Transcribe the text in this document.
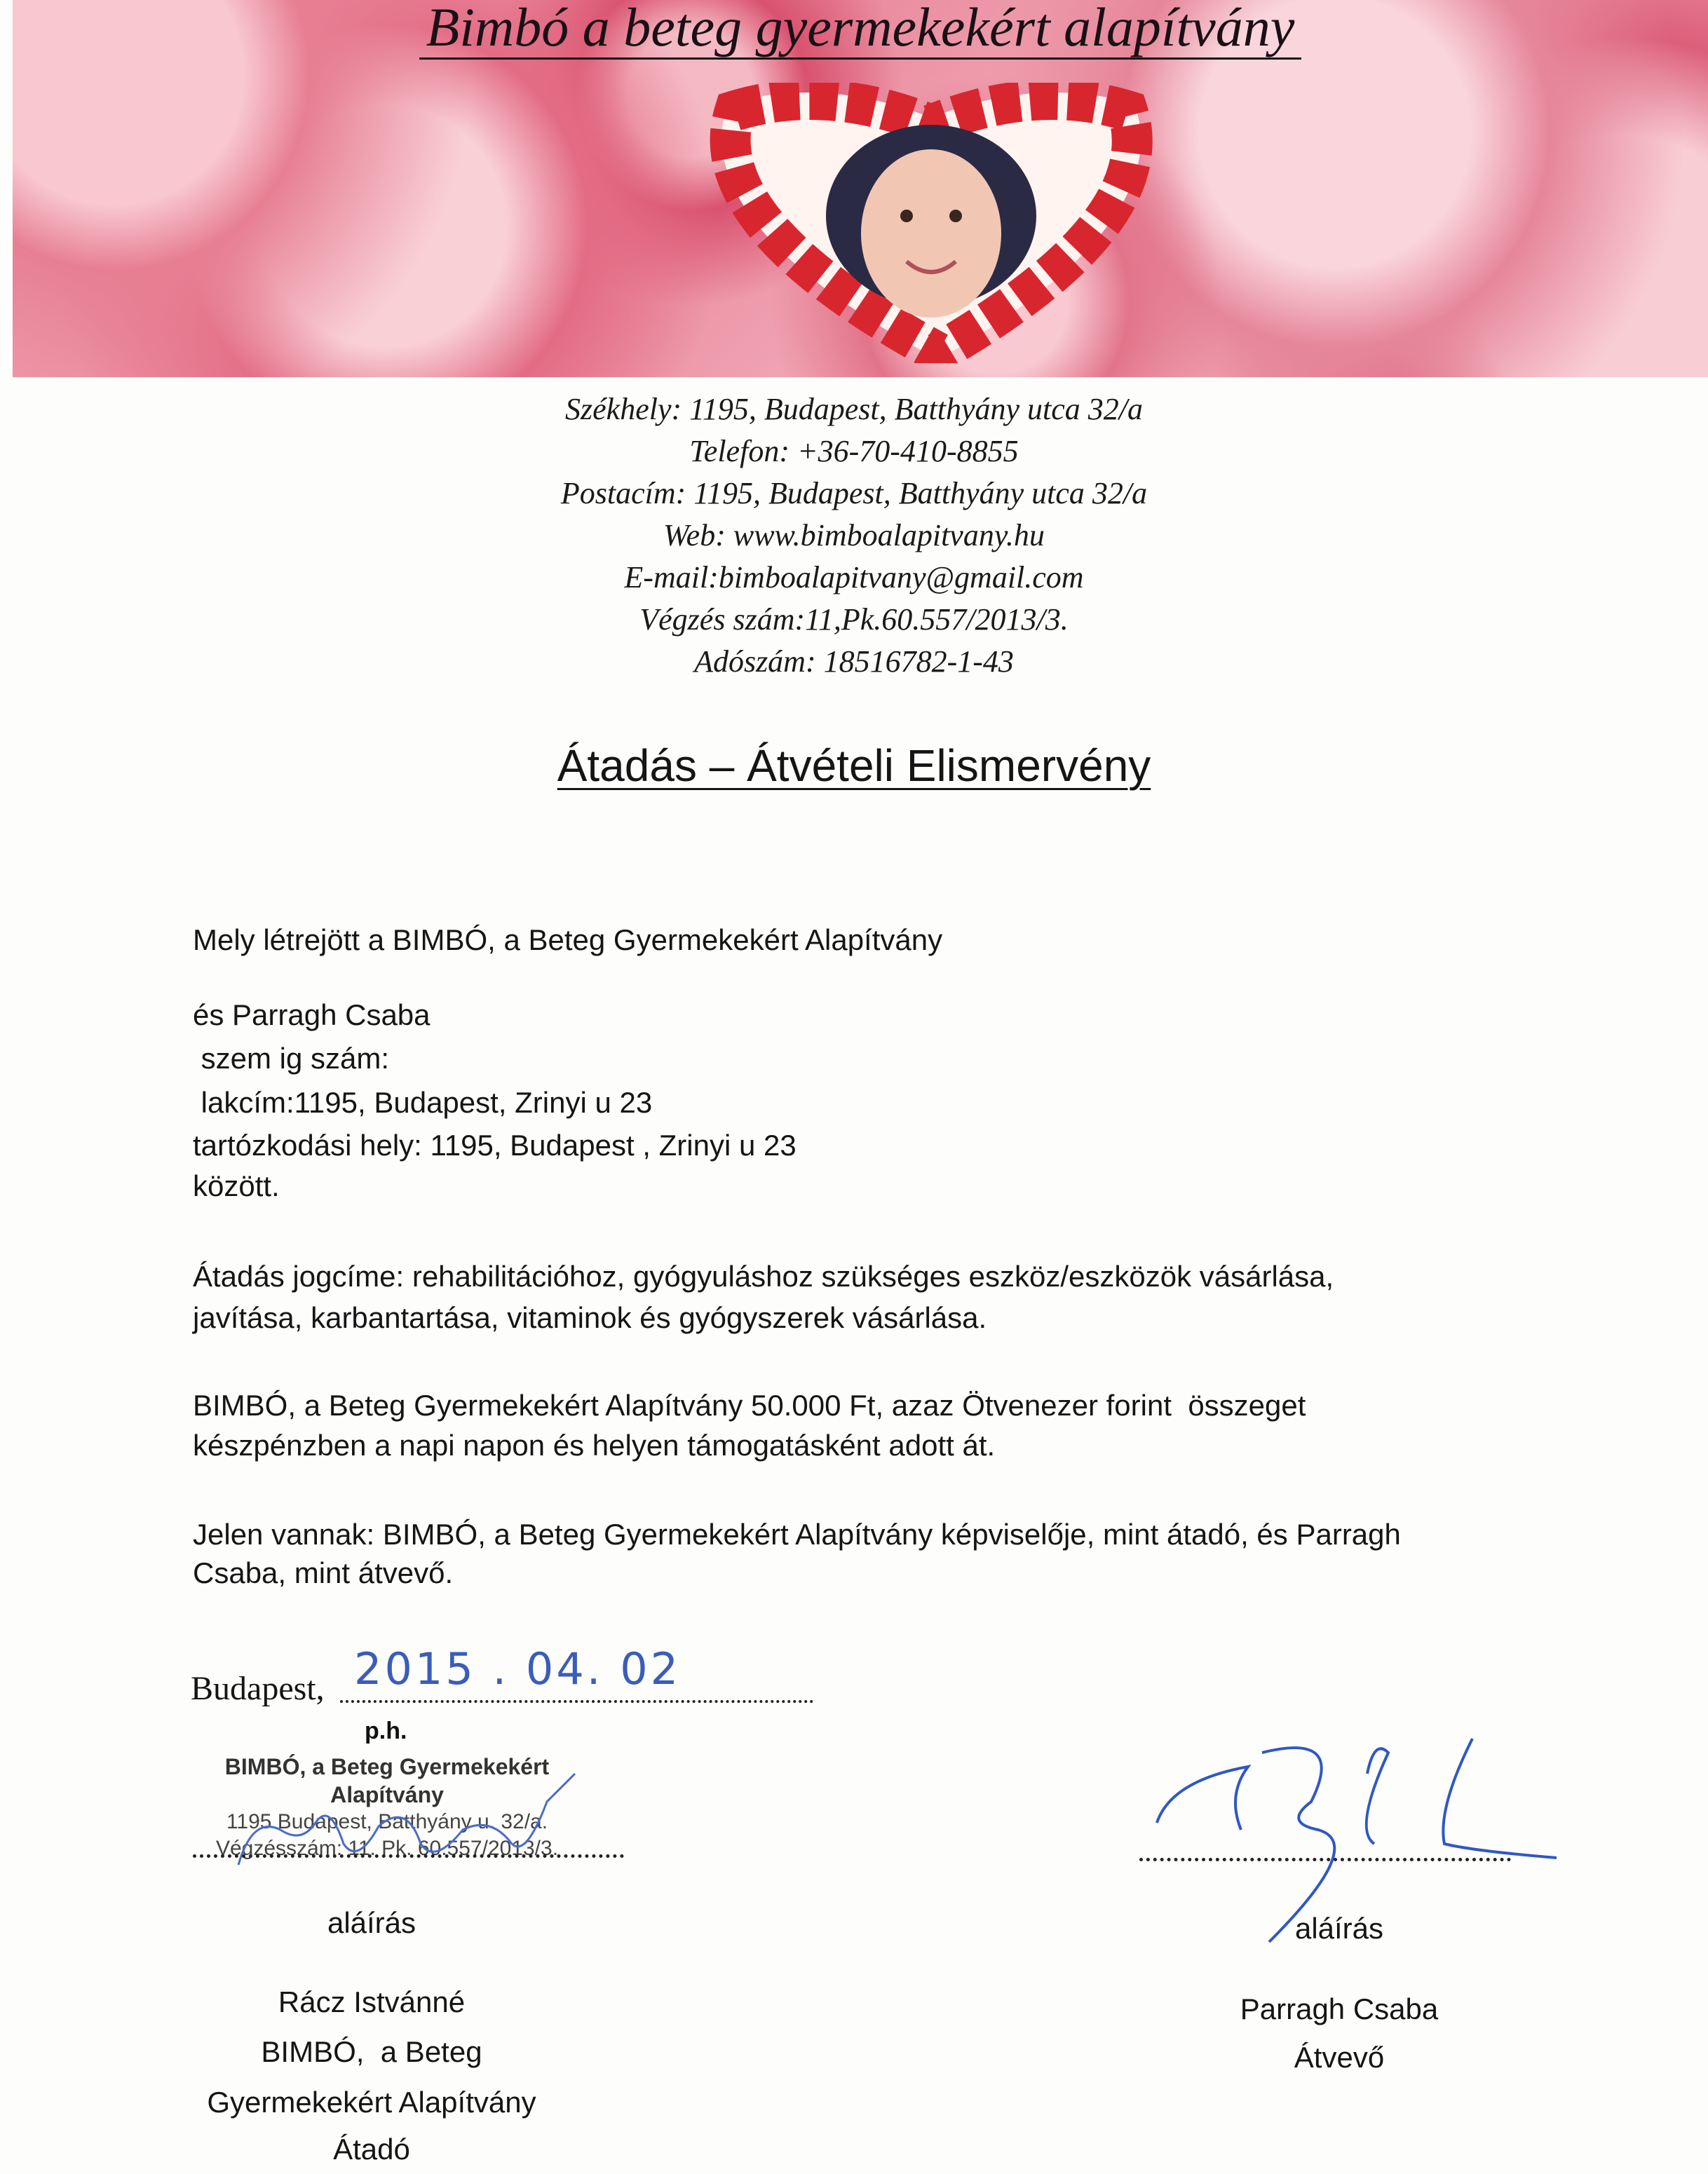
Bimbó a beteg gyermekekért alapítvány
Székhely: 1195, Budapest, Batthyány utca 32/a
Telefon: +36-70-410-8855
Postacím: 1195, Budapest, Batthyány utca 32/a
Web: www.bimboalapitvany.hu
E-mail:bimboalapitvany@gmail.com
Végzés szám:11,Pk.60.557/2013/3.
Adószám: 18516782-1-43
Átadás – Átvételi Elismervény
Mely létrejött a BIMBÓ, a Beteg Gyermekekért Alapítvány
és Parragh Csaba
szem ig szám:
lakcím:1195, Budapest, Zrinyi u 23
tartózkodási hely: 1195, Budapest , Zrinyi u 23
között.
Átadás jogcíme: rehabilitációhoz, gyógyuláshoz szükséges eszköz/eszközök vásárlása,
javítása, karbantartása, vitaminok és gyógyszerek vásárlása.
BIMBÓ, a Beteg Gyermekekért Alapítvány 50.000 Ft, azaz Ötvenezer forint  összeget
készpénzben a napi napon és helyen támogatásként adott át.
Jelen vannak: BIMBÓ, a Beteg Gyermekekért Alapítvány képviselője, mint átadó, és Parragh
Csaba, mint átvevő.
Budapest, 2015 . 04. 02
p.h.
BIMBÓ, a Beteg Gyermekekért Alapítvány
1195 Budapest, Batthyány u. 32/a.
Végzésszám: 11. Pk. 60.557/2013/3.
aláírás
Rácz Istvánné
BIMBÓ,  a Beteg
Gyermekekért Alapítvány
Átadó
aláírás
Parragh Csaba
Átvevő
